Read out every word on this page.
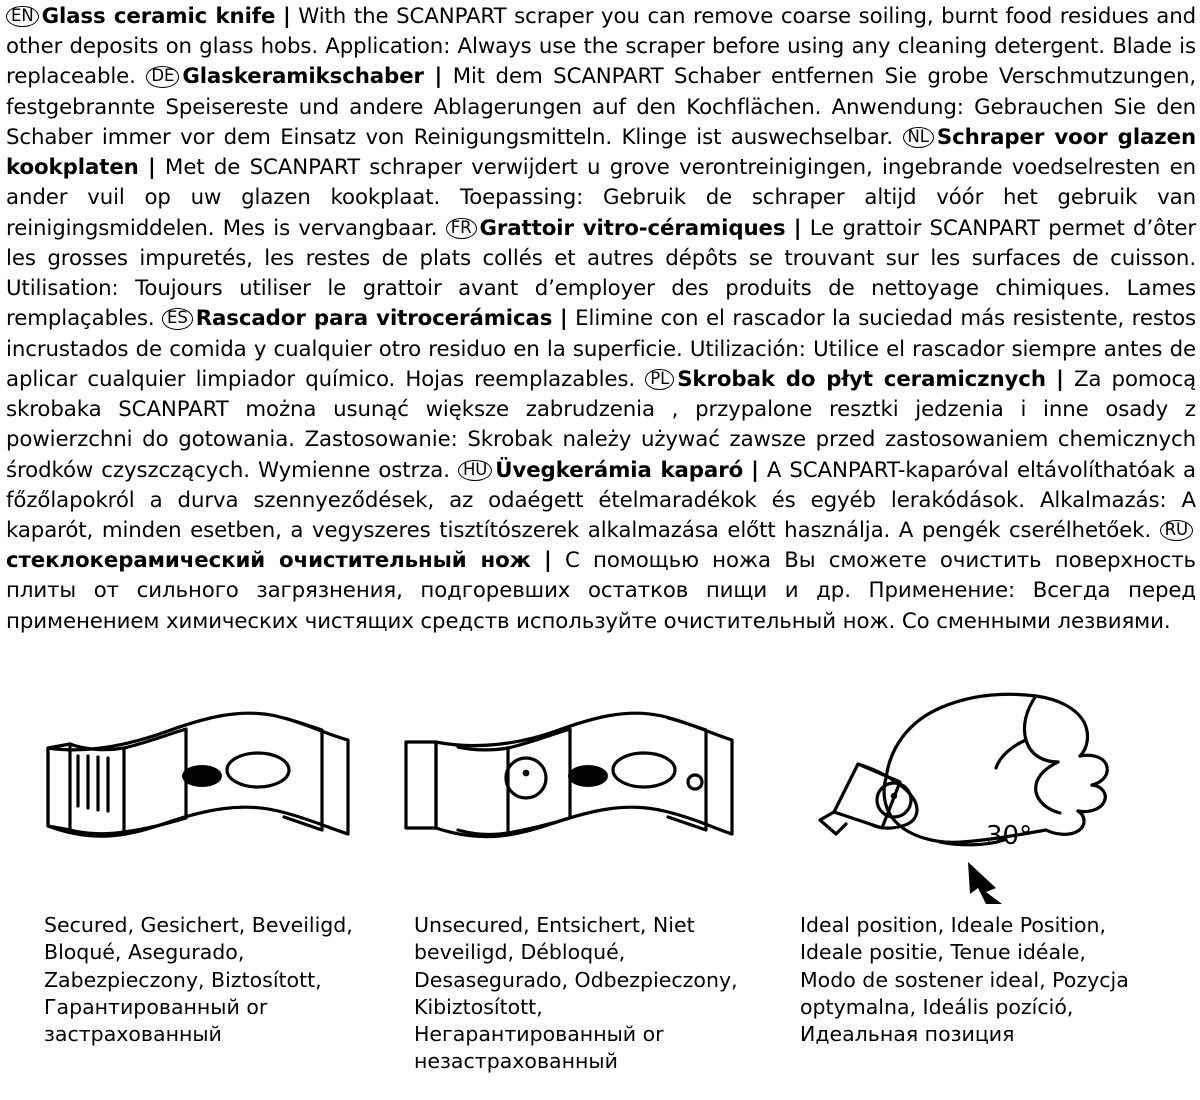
EN Glass ceramic knife | With the SCANPART scraper you can remove coarse soiling, burnt food residues and other deposits on glass hobs. Application: Always use the scraper before using any cleaning detergent. Blade is replaceable. DE Glaskeramikschaber | Mit dem SCANPART Schaber entfernen Sie grobe Verschmutzungen, festgebrannte Speisereste und andere Ablagerungen auf den Kochflächen. Anwendung: Gebrauchen Sie den Schaber immer vor dem Einsatz von Reinigungsmitteln. Klinge ist auswechselbar. NL Schraper voor glazen kookplaten | Met de SCANPART schraper verwijdert u grove verontreinigingen, ingebrande voedselresten en ander vuil op uw glazen kookplaat. Toepassing: Gebruik de schraper altijd vóór het gebruik van reinigingsmiddelen. Mes is vervangbaar. FR Grattoir vitro-céramiques | Le grattoir SCANPART permet d’ôter les grosses impuretés, les restes de plats collés et autres dépôts se trouvant sur les surfaces de cuisson. Utilisation: Toujours utiliser le grattoir avant d’employer des produits de nettoyage chimiques. Lames remplaçables. ES Rascador para vitrocerámicas | Elimine con el rascador la suciedad más resistente, restos incrustados de comida y cualquier otro residuo en la superficie. Utilización: Utilice el rascador siempre antes de aplicar cualquier limpiador químico. Hojas reemplazables. PL Skrobak do płyt ceramicznych | Za pomocą skrobaka SCANPART można usunąć większe zabrudzenia , przypalone resztki jedzenia i inne osady z powierzchni do gotowania. Zastosowanie: Skrobak należy używać zawsze przed zastosowaniem chemicznych środków czyszczących. Wymienne ostrza. HU Üvegkerámia kaparó | A SCANPART-kaparóval eltávolíthatóak a főzőlapokról a durva szennyeződések, az odaégett ételmaradékok és egyéb lerakódások. Alkalmazás: A kaparót, minden esetben, a vegyszeres tisztítószerek alkalmazása előtt használja. A pengék cserélhetőek. RUстеклокерамический очистительный нож | С помощью ножа Вы сможете очистить поверхность плиты от сильного загрязнения, подгоревших остатков пищи и др. Применение: Всегда перед применением химических чистящих средств используйте очистительный нож. Со сменными лезвиями.
Secured, Gesichert, Beveiligd, Bloqué, Asegurado, Zabezpieczony, Biztosított, Гарантированный or застрахованный
Unsecured, Entsichert, Niet beveiligd, Débloqué, Desasegurado, Odbezpieczony, Kibiztosított, Негарантированный or незастрахованный
30°
Ideal position, Ideale Position, Ideale positie, Tenue idéale, Modo de sostener ideal, Pozycja optymalna, Ideális pozíció, Идеальная позиция
